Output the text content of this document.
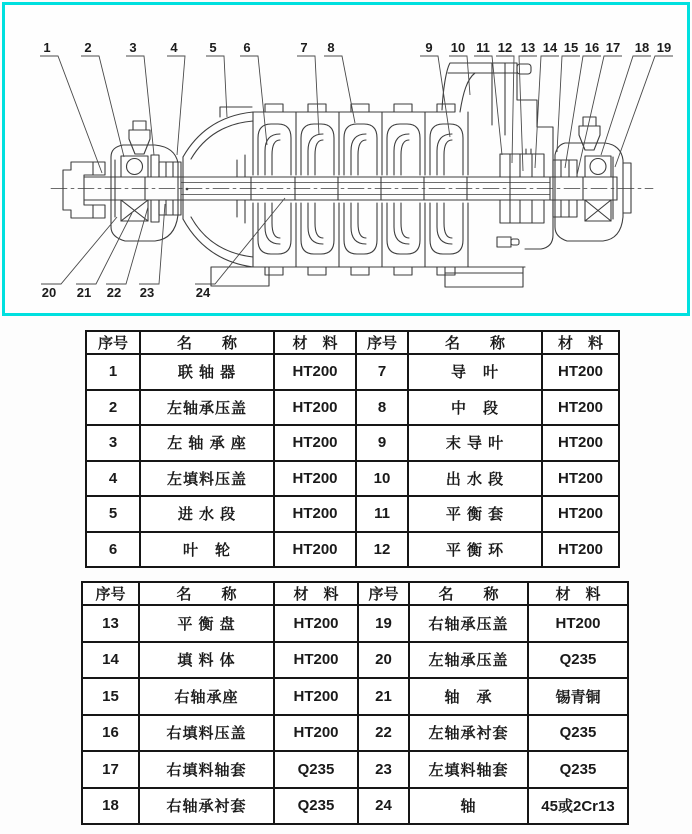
1	2	3	4 5 6	7 8	9 10 11 12 13 14 15 16 17 18 19
20 21 22 23	24
序号	名　　称	材　料	序号	名　　称	材　料
1	联 轴 器	HT200	7	导　叶	HT200
2	左轴承压盖	HT200	8	中　段	HT200
3	左 轴 承 座	HT200	9	末 导 叶	HT200
4	左填料压盖	HT200	10	出 水 段	HT200
5	进 水 段	HT200	11	平 衡 套	HT200
6	叶　轮	HT200	12	平 衡 环	HT200
序号	名　　称	材　料	序号	名　　称	材　料
13	平 衡 盘	HT200	19	右轴承压盖	HT200
14	填 料 体	HT200	20	左轴承压盖	Q235
15	右轴承座	HT200	21	轴　承	锡青铜
16	右填料压盖	HT200	22	左轴承衬套	Q235
17	右填料轴套	Q235	23	左填料轴套	Q235
18	右轴承衬套	Q235	24	轴	45或2Cr13
